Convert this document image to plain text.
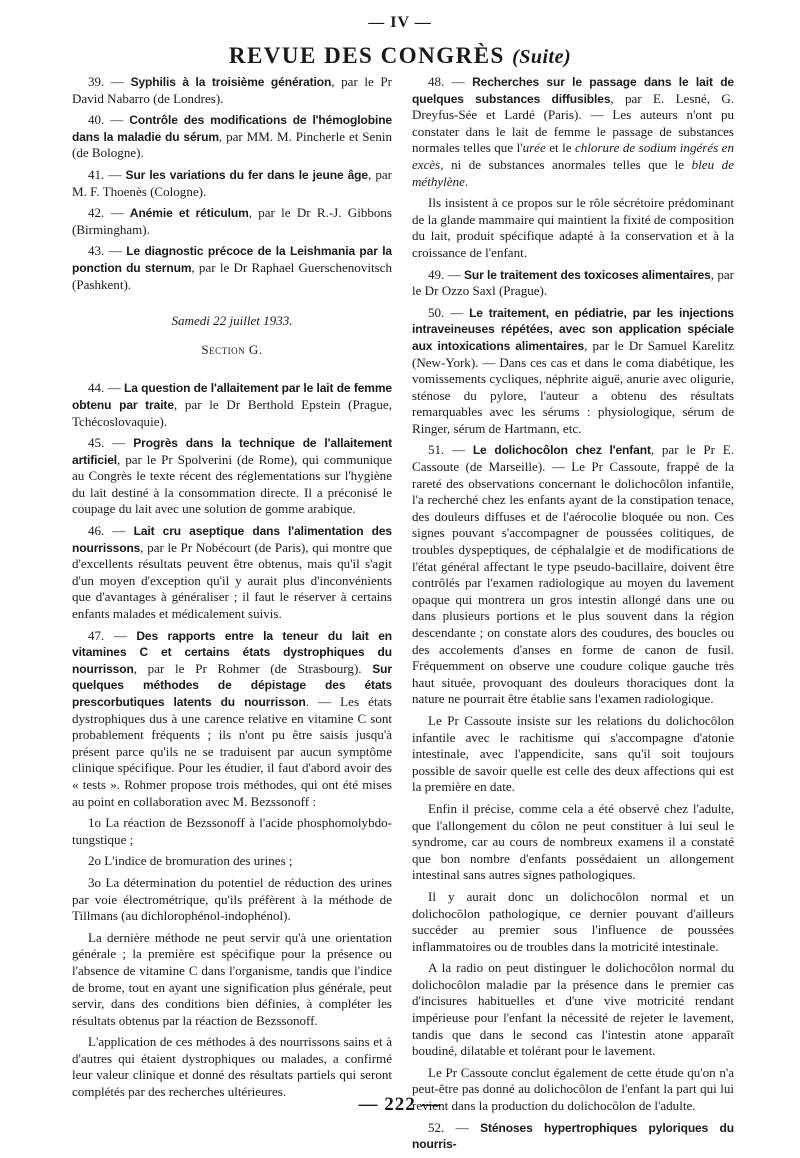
— IV —
REVUE DES CONGRÈS (Suite)

39. — Syphilis à la troisième génération, par le Pr David Nabarro (de Londres).

40. — Contrôle des modifications de l'hémoglobine dans la maladie du sérum, par MM. M. Pincherle et Senin (de Bologne).

41. — Sur les variations du fer dans le jeune âge, par M. F. Thoenès (Cologne).

42. — Anémie et réticulum, par le Dr R.-J. Gibbons (Birmingham).

43. — Le diagnostic précoce de la Leishmania par la ponction du sternum, par le Dr Raphael Guerschenovitsch (Pashkent).

Samedi 22 juillet 1933.

Section G.

44. — La question de l'allaitement par le lait de femme obtenu par traite, par le Dr Berthold Epstein (Prague, Tchécoslovaquie).

45. — Progrès dans la technique de l'allaitement artificiel, par le Pr Spolverini (de Rome), qui communique au Congrès le texte récent des réglementations sur l'hygiène du lait destiné à la consommation directe. Il a préconisé le coupage du lait avec une solution de gomme arabique.

46. — Lait cru aseptique dans l'alimentation des nourrissons, par le Pr Nobécourt (de Paris), qui montre que d'excellents résultats peuvent être obtenus, mais qu'il s'agit d'un moyen d'exception qu'il y aurait plus d'inconvénients que d'avantages à généraliser ; il faut le réserver à certains enfants malades et médicalement suivis.

47. — Des rapports entre la teneur du lait en vitamines C et certains états dystrophiques du nourrisson, par le Pr Rohmer (de Strasbourg). Sur quelques méthodes de dépistage des états prescorbutiques latents du nourrisson. — Les états dystrophiques dus à une carence relative en vitamine C sont probablement fréquents ; ils n'ont pu être saisis jusqu'à présent parce qu'ils ne se traduisent par aucun symptôme clinique spécifique. Pour les étudier, il faut d'abord avoir des « tests ». Rohmer propose trois méthodes, qui ont été mises au point en collaboration avec M. Bezssonoff :

1o La réaction de Bezssonoff à l'acide phosphomolybdo-tungstique ;

2o L'indice de bromuration des urines ;

3o La détermination du potentiel de réduction des urines par voie électrométrique, qu'ils préfèrent à la méthode de Tillmans (au dichlorophénol-indophénol).

La dernière méthode ne peut servir qu'à une orientation générale ; la première est spécifique pour la présence ou l'absence de vitamine C dans l'organisme, tandis que l'indice de brome, tout en ayant une signification plus générale, peut servir, dans des conditions bien définies, à compléter les résultats obtenus par la réaction de Bezssonoff.

L'application de ces méthodes à des nourrissons sains et à d'autres qui étaient dystrophiques ou malades, a confirmé leur valeur clinique et donné des résultats partiels qui seront complétés par des recherches ultérieures.

48. — Recherches sur le passage dans le lait de quelques substances diffusibles, par E. Lesné, G. Dreyfus-Sée et Lardé (Paris). — Les auteurs n'ont pu constater dans le lait de femme le passage de substances normales telles que l'urée et le chlorure de sodium ingérés en excès, ni de substances anormales telles que le bleu de méthylène.

Ils insistent à ce propos sur le rôle sécrétoire prédominant de la glande mammaire qui maintient la fixité de composition du lait, produit spécifique adapté à la conservation et à la croissance de l'enfant.

49. — Sur le traitement des toxicoses alimentaires, par le Dr Ozzo Saxl (Prague).

50. — Le traitement, en pédiatrie, par les injections intraveineuses répétées, avec son application spéciale aux intoxications alimentaires, par le Dr Samuel Karelitz (New-York). — Dans ces cas et dans le coma diabétique, les vomissements cycliques, néphrite aiguë, anurie avec oligurie, sténose du pylore, l'auteur a obtenu des résultats remarquables avec les sérums : physiologique, sérum de Ringer, sérum de Hartmann, etc.

51. — Le dolichocôlon chez l'enfant, par le Pr E. Cassoute (de Marseille). — Le Pr Cassoute, frappé de la rareté des observations concernant le dolichocôlon infantile, l'a recherché chez les enfants ayant de la constipation tenace, des douleurs diffuses et de l'aérocolie bloquée ou non. Ces signes pouvant s'accompagner de poussées colitiques, de troubles dyspeptiques, de céphalalgie et de modifications de l'état général affectant le type pseudo-bacillaire, doivent être contrôlés par l'examen radiologique au moyen du lavement opaque qui montrera un gros intestin allongé dans une ou dans plusieurs portions et le plus souvent dans la région descendante ; on constate alors des coudures, des boucles ou des accolements d'anses en forme de canon de fusil. Fréquemment on observe une coudure colique gauche très haut située, provoquant des douleurs thoraciques dont la nature ne pourrait être établie sans l'examen radiologique.

Le Pr Cassoute insiste sur les relations du dolichocôlon infantile avec le rachitisme qui s'accompagne d'atonie intestinale, avec l'appendicite, sans qu'il soit toujours possible de savoir quelle est celle des deux affections qui est la première en date.

Enfin il précise, comme cela a été observé chez l'adulte, que l'allongement du côlon ne peut constituer à lui seul le syndrome, car au cours de nombreux examens il a constaté que bon nombre d'enfants possédaient un allongement intestinal sans autres signes pathologiques.

Il y aurait donc un dolichocôlon normal et un dolichocôlon pathologique, ce dernier pouvant d'ailleurs succéder au premier sous l'influence de poussées inflammatoires ou de troubles dans la motricité intestinale.

A la radio on peut distinguer le dolichocôlon normal du dolichocôlon maladie par la présence dans le premier cas d'incisures habituelles et d'une vive motricité rendant impérieuse pour l'enfant la nécessité de rejeter le lavement, tandis que dans le second cas l'intestin atone apparaît boudiné, dilatable et tolérant pour le lavement.

Le Pr Cassoute conclut également de cette étude qu'on n'a peut-être pas donné au dolichocôlon de l'enfant la part qui lui revient dans la production du dolichocôlon de l'adulte.

52. — Sténoses hypertrophiques pyloriques du nourris-

— 222 —
